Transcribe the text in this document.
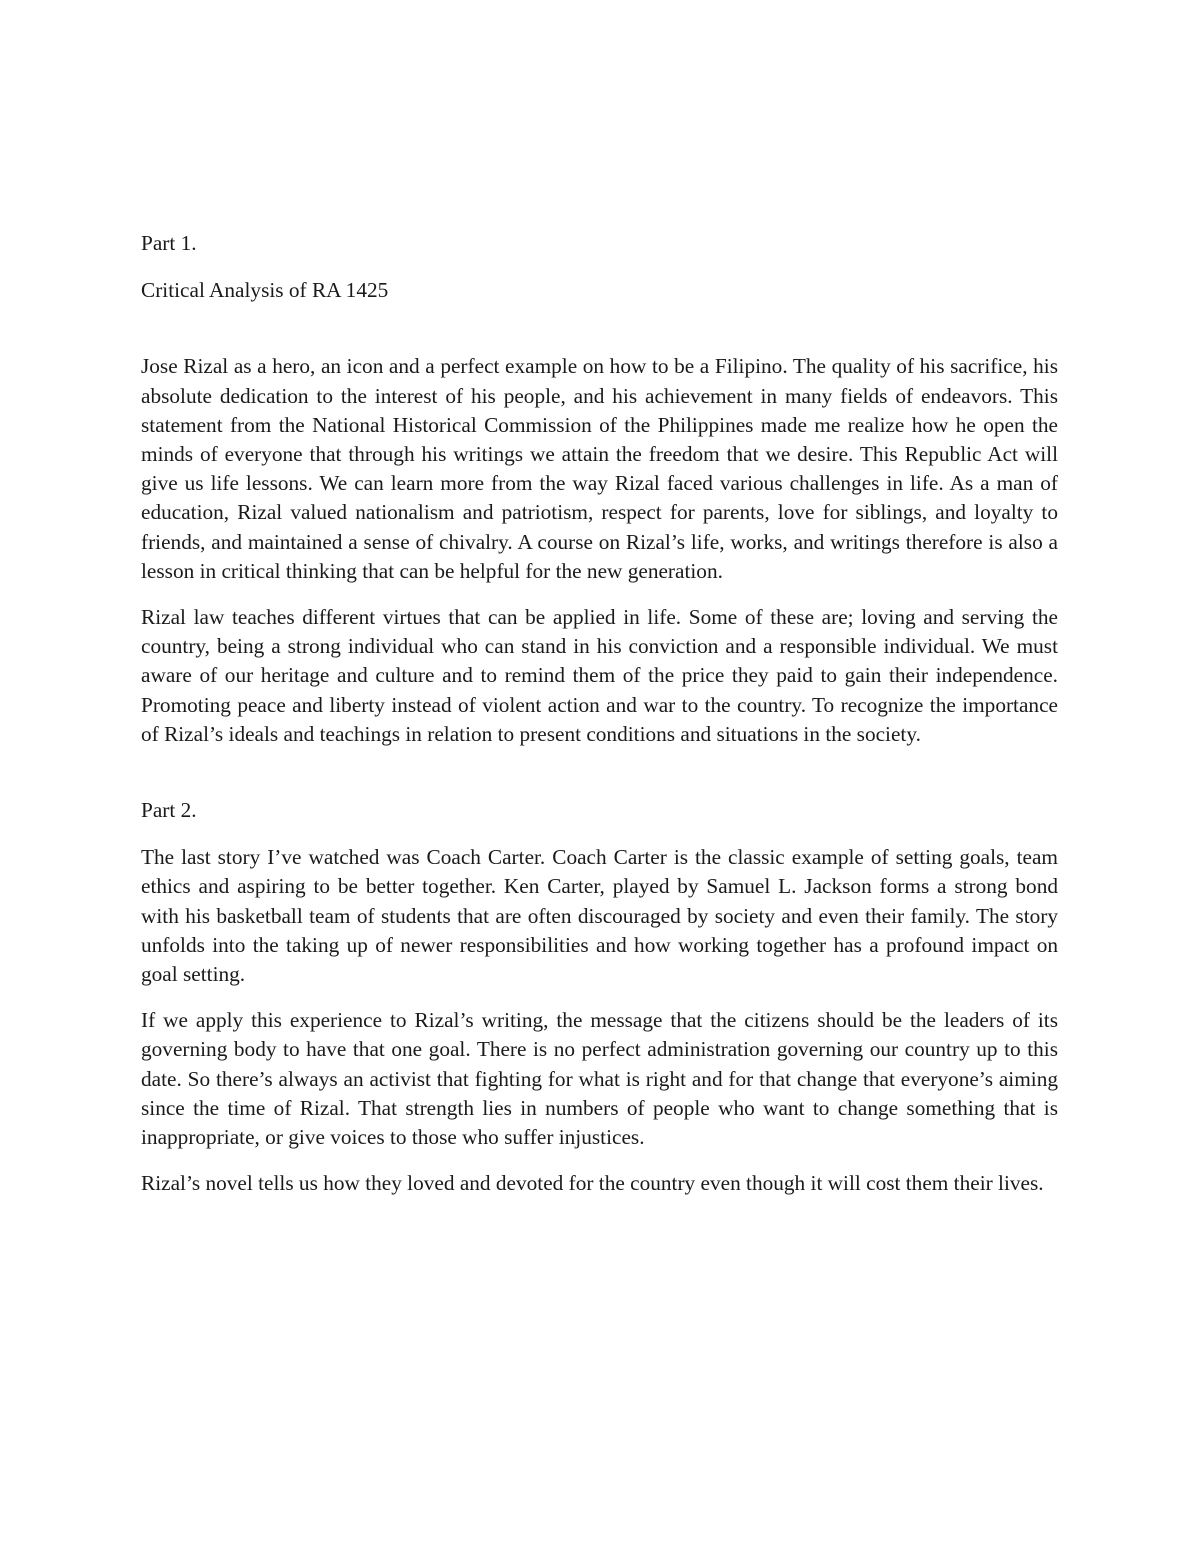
Part 1.

Critical Analysis of RA 1425

Jose Rizal as a hero, an icon and a perfect example on how to be a Filipino. The quality of his sacrifice, his absolute dedication to the interest of his people, and his achievement in many fields of endeavors. This statement from the National Historical Commission of the Philippines made me realize how he open the minds of everyone that through his writings we attain the freedom that we desire. This Republic Act will give us life lessons. We can learn more from the way Rizal faced various challenges in life. As a man of education, Rizal valued nationalism and patriotism, respect for parents, love for siblings, and loyalty to friends, and maintained a sense of chivalry. A course on Rizal’s life, works, and writings therefore is also a lesson in critical thinking that can be helpful for the new generation.

Rizal law teaches different virtues that can be applied in life. Some of these are; loving and serving the country, being a strong individual who can stand in his conviction and a responsible individual. We must aware of our heritage and culture and to remind them of the price they paid to gain their independence. Promoting peace and liberty instead of violent action and war to the country. To recognize the importance of Rizal’s ideals and teachings in relation to present conditions and situations in the society.

Part 2.

The last story I’ve watched was Coach Carter. Coach Carter is the classic example of setting goals, team ethics and aspiring to be better together. Ken Carter, played by Samuel L. Jackson forms a strong bond with his basketball team of students that are often discouraged by society and even their family. The story unfolds into the taking up of newer responsibilities and how working together has a profound impact on goal setting.

If we apply this experience to Rizal’s writing, the message that the citizens should be the leaders of its governing body to have that one goal. There is no perfect administration governing our country up to this date. So there’s always an activist that fighting for what is right and for that change that everyone’s aiming since the time of Rizal. That strength lies in numbers of people who want to change something that is inappropriate, or give voices to those who suffer injustices.

Rizal’s novel tells us how they loved and devoted for the country even though it will cost them their lives.
